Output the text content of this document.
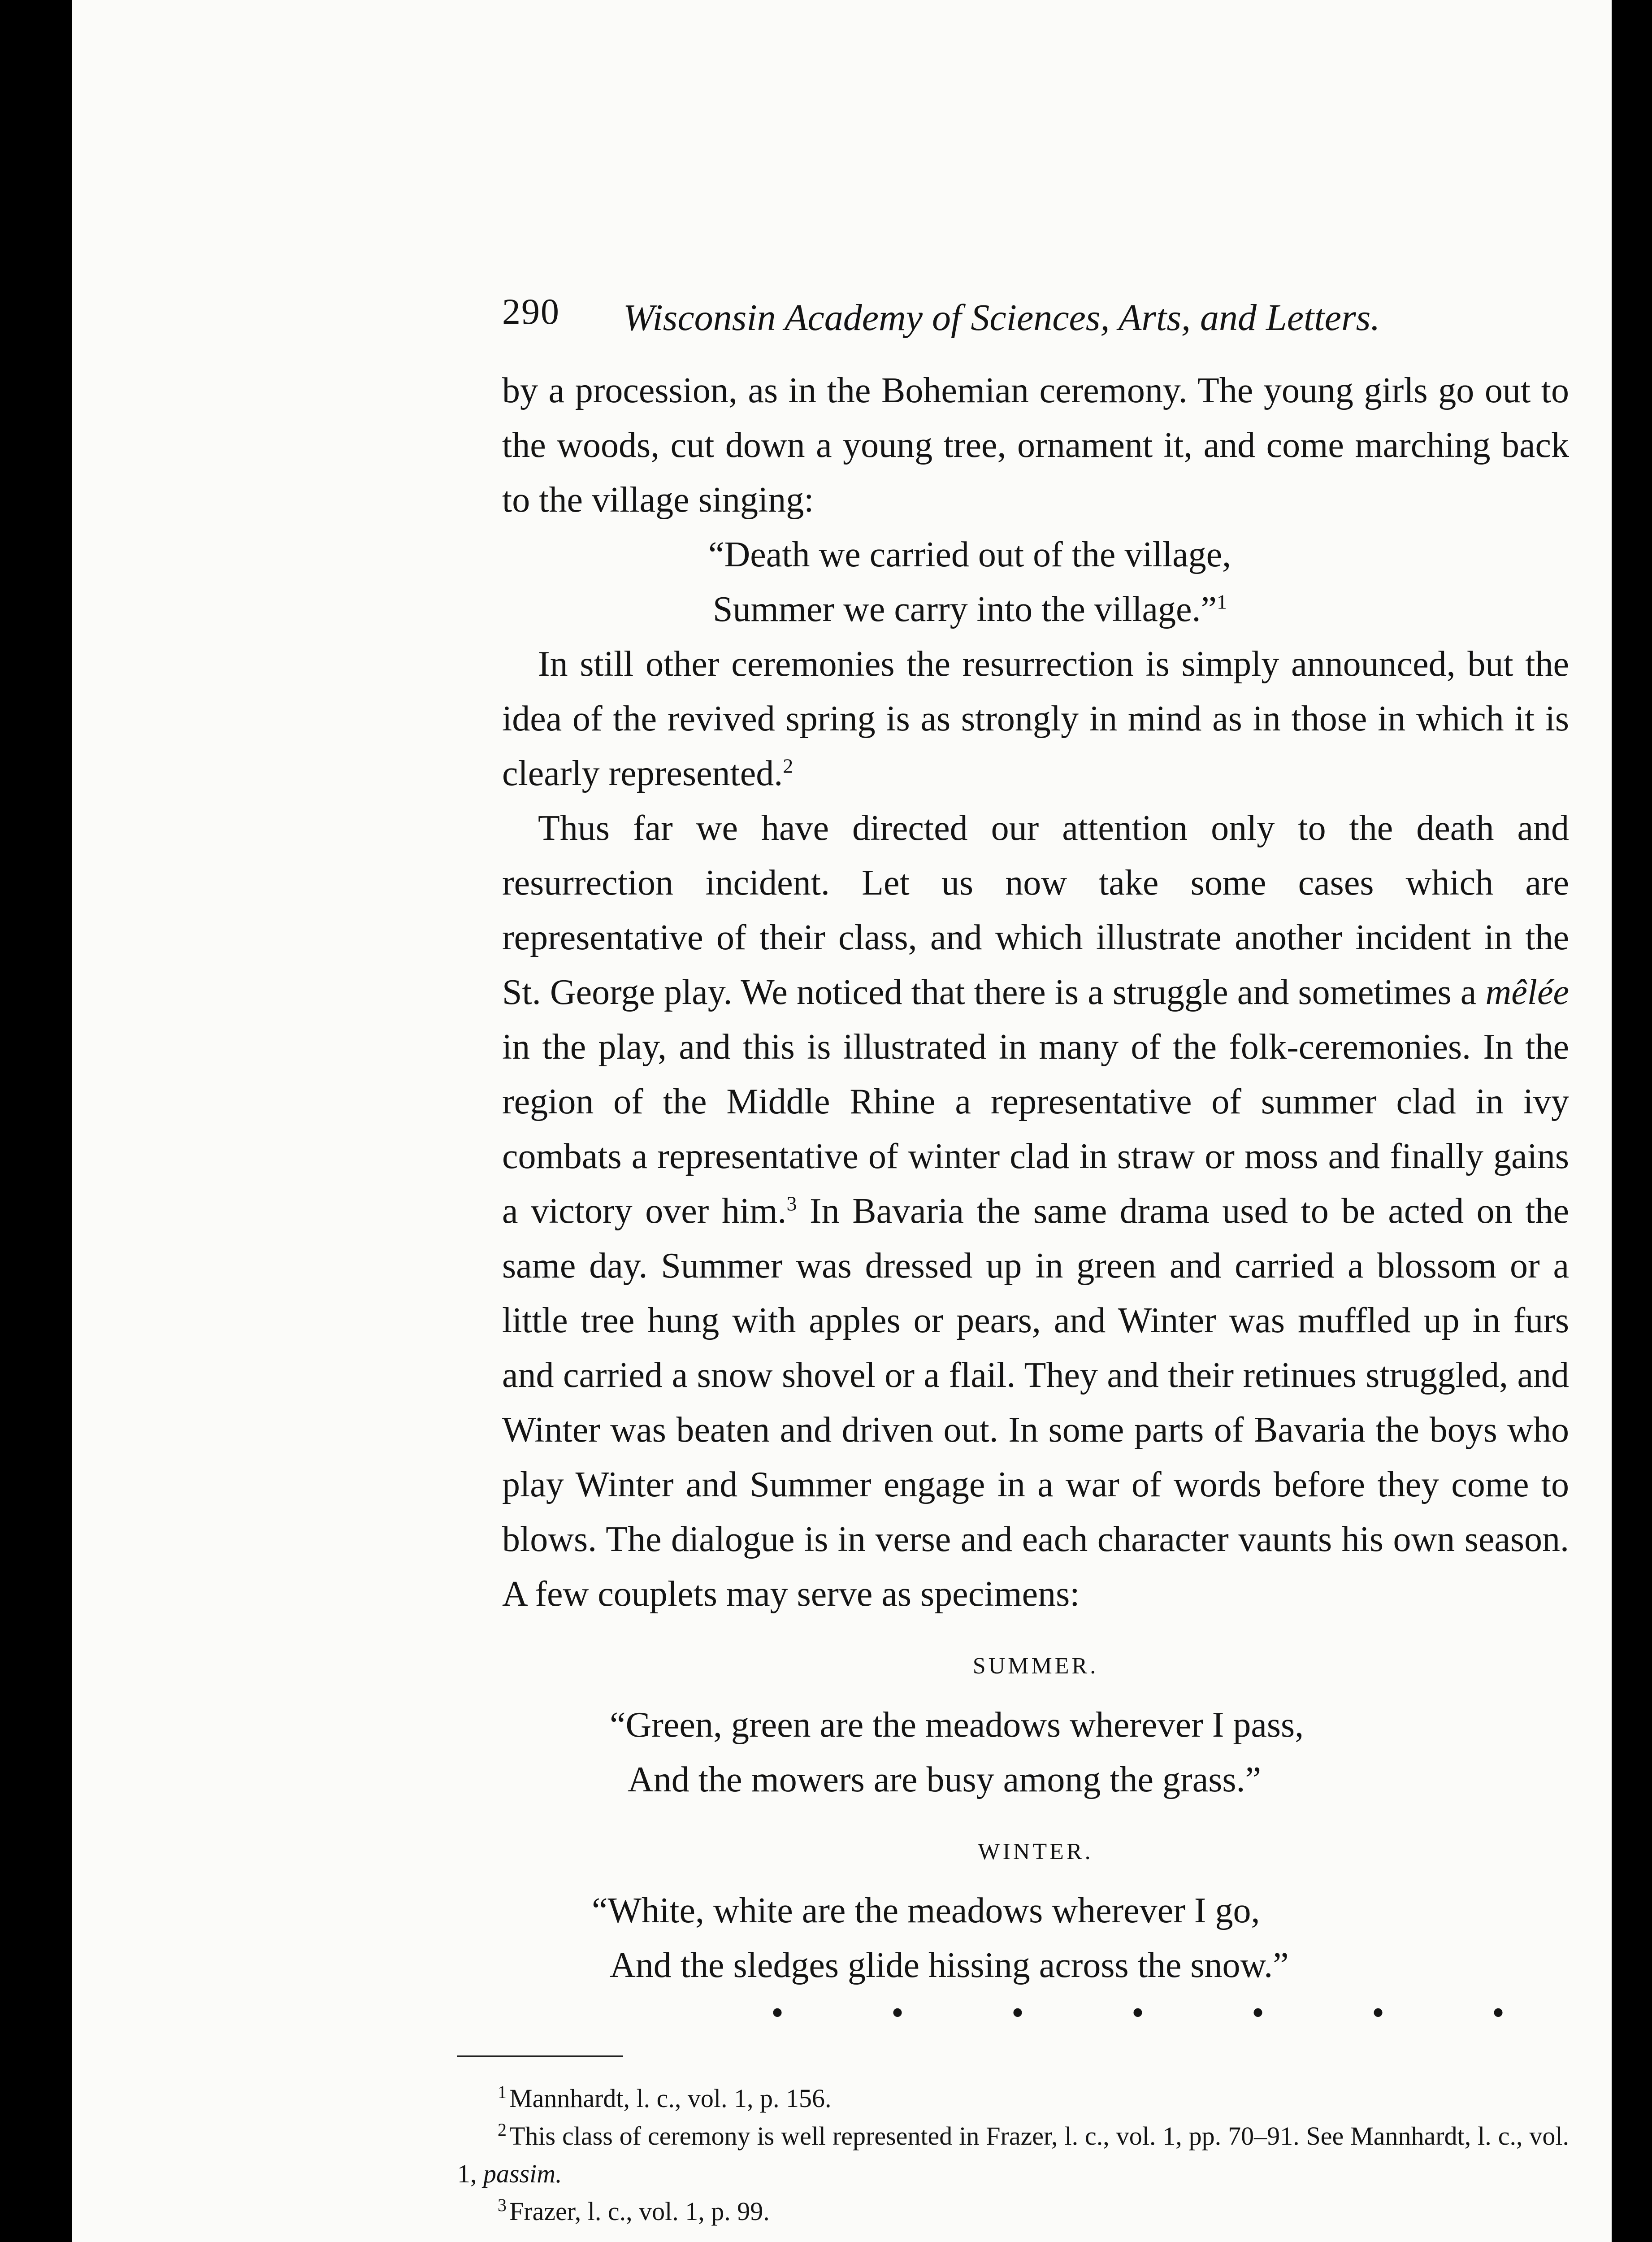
290 Wisconsin Academy of Sciences, Arts, and Letters.

by a procession, as in the Bohemian ceremony. The young girls go out to the woods, cut down a young tree, ornament it, and come marching back to the village singing:

“Death we carried out of the village,
Summer we carry into the village.”$^1$

In still other ceremonies the resurrection is simply announced, but the idea of the revived spring is as strongly in mind as in those in which it is clearly represented.$^2$

Thus far we have directed our attention only to the death and resurrection incident. Let us now take some cases which are representative of their class, and which illustrate another incident in the St. George play. We noticed that there is a struggle and sometimes a mêlée in the play, and this is illustrated in many of the folk-ceremonies. In the region of the Middle Rhine a representative of summer clad in ivy combats a representative of winter clad in straw or moss and finally gains a victory over him.$^3$ In Bavaria the same drama used to be acted on the same day. Summer was dressed up in green and carried a blossom or a little tree hung with apples or pears, and Winter was muffled up in furs and carried a snow shovel or a flail. They and their retinues struggled, and Winter was beaten and driven out. In some parts of Bavaria the boys who play Winter and Summer engage in a war of words before they come to blows. The dialogue is in verse and each character vaunts his own season. A few couplets may serve as specimens:

SUMMER.
“Green, green are the meadows wherever I pass,
And the mowers are busy among the grass.”
WINTER.
“White, white are the meadows wherever I go,
And the sledges glide hissing across the snow.”
• • • • • • •

$^1$ Mannhardt, l. c., vol. 1, p. 156.

$^2$ This class of ceremony is well represented in Frazer, l. c., vol. 1, pp. 70–91. See Mannhardt, l. c., vol. 1, passim.

$^3$ Frazer, l. c., vol. 1, p. 99.
